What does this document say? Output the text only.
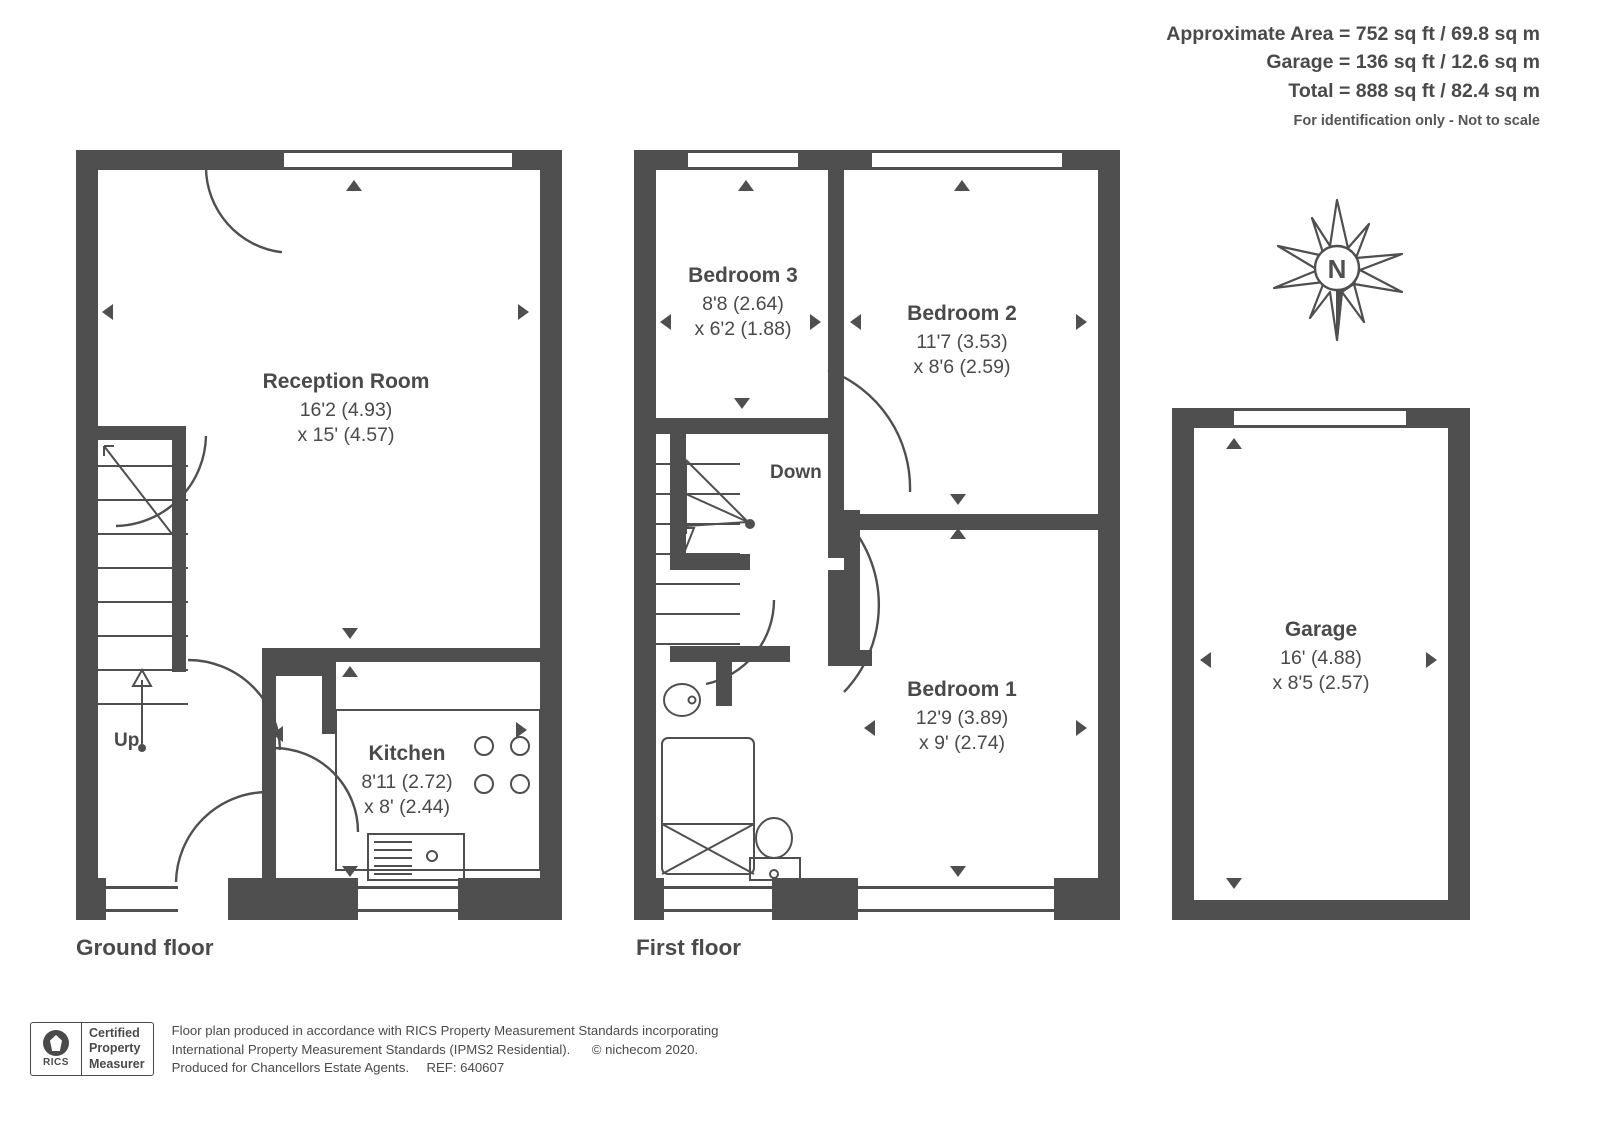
Approximate Area = 752 sq ft / 69.8 sq m
Garage = 136 sq ft / 12.6 sq m
Total = 888 sq ft / 82.4 sq m
For identification only - Not to scale
N
Up
Reception Room
16'2 (4.93)
x 15' (4.57)
Kitchen
8'11 (2.72)
x 8' (2.44)
Ground floor
Down
Bedroom 3
8'8 (2.64)
x 6'2 (1.88)
Bedroom 2
11'7 (3.53)
x 8'6 (2.59)
Bedroom 1
12'9 (3.89)
x 9' (2.74)
First floor
Garage
16' (4.88)
x 8'5 (2.57)
RICS
Certified
Property
Measurer
Floor plan produced in accordance with RICS Property Measurement Standards incorporating
International Property Measurement Standards (IPMS2 Residential). © nichecom 2020.
Produced for Chancellors Estate Agents. REF: 640607
